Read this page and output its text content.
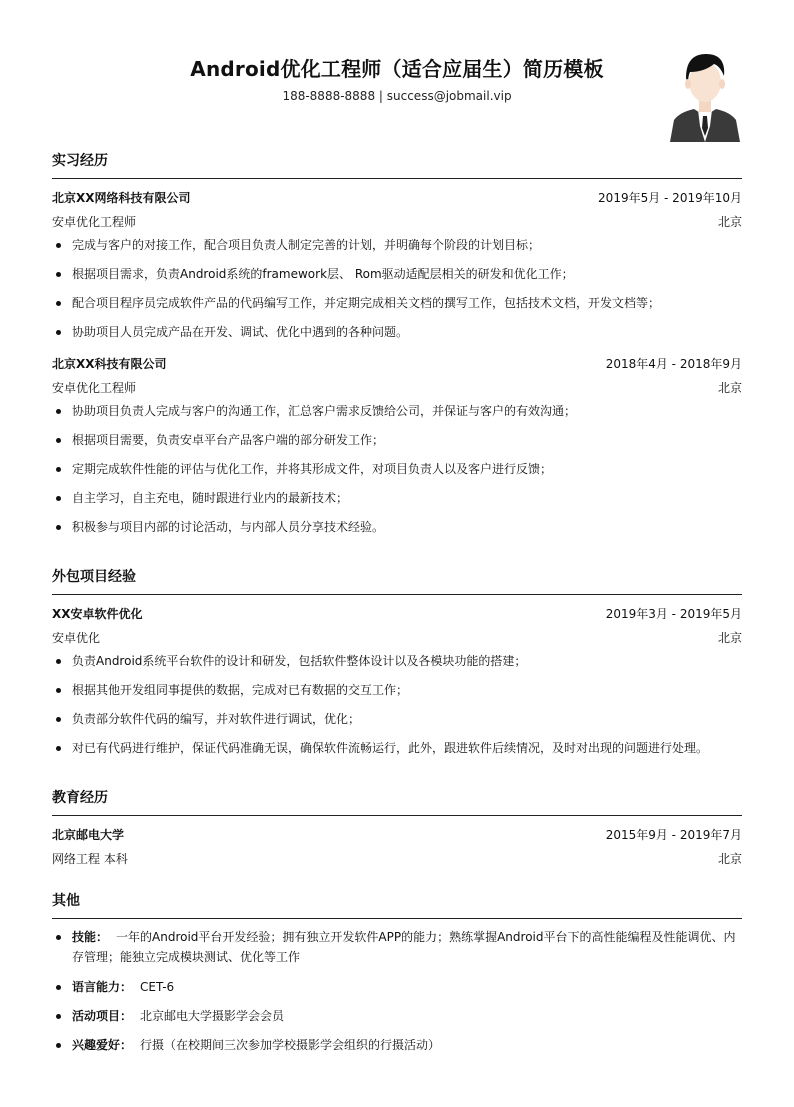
Android优化工程师（适合应届生）简历模板
188-8888-8888 | success@jobmail.vip
实习经历
北京XX网络科技有限公司	2019年5月 - 2019年10月
安卓优化工程师	北京
完成与客户的对接工作，配合项目负责人制定完善的计划，并明确每个阶段的计划目标；
根据项目需求，负责Android系统的framework层、 Rom驱动适配层相关的研发和优化工作；
配合项目程序员完成软件产品的代码编写工作，并定期完成相关文档的撰写工作，包括技术文档，开发文档等；
协助项目人员完成产品在开发、调试、优化中遇到的各种问题。
北京XX科技有限公司	2018年4月 - 2018年9月
安卓优化工程师	北京
协助项目负责人完成与客户的沟通工作，汇总客户需求反馈给公司，并保证与客户的有效沟通；
根据项目需要，负责安卓平台产品客户端的部分研发工作；
定期完成软件性能的评估与优化工作，并将其形成文件，对项目负责人以及客户进行反馈；
自主学习，自主充电，随时跟进行业内的最新技术；
积极参与项目内部的讨论活动，与内部人员分享技术经验。
外包项目经验
XX安卓软件优化	2019年3月 - 2019年5月
安卓优化	北京
负责Android系统平台软件的设计和研发，包括软件整体设计以及各模块功能的搭建；
根据其他开发组同事提供的数据，完成对已有数据的交互工作；
负责部分软件代码的编写，并对软件进行调试，优化；
对已有代码进行维护，保证代码准确无误，确保软件流畅运行，此外，跟进软件后续情况，及时对出现的问题进行处理。
教育经历
北京邮电大学	2015年9月 - 2019年7月
网络工程 本科	北京
其他
技能： 一年的Android平台开发经验；拥有独立开发软件APP的能力；熟练掌握Android平台下的高性能编程及性能调优、内存管理；能独立完成模块测试、优化等工作
语言能力： CET-6
活动项目： 北京邮电大学摄影学会会员
兴趣爱好： 行摄（在校期间三次参加学校摄影学会组织的行摄活动）
